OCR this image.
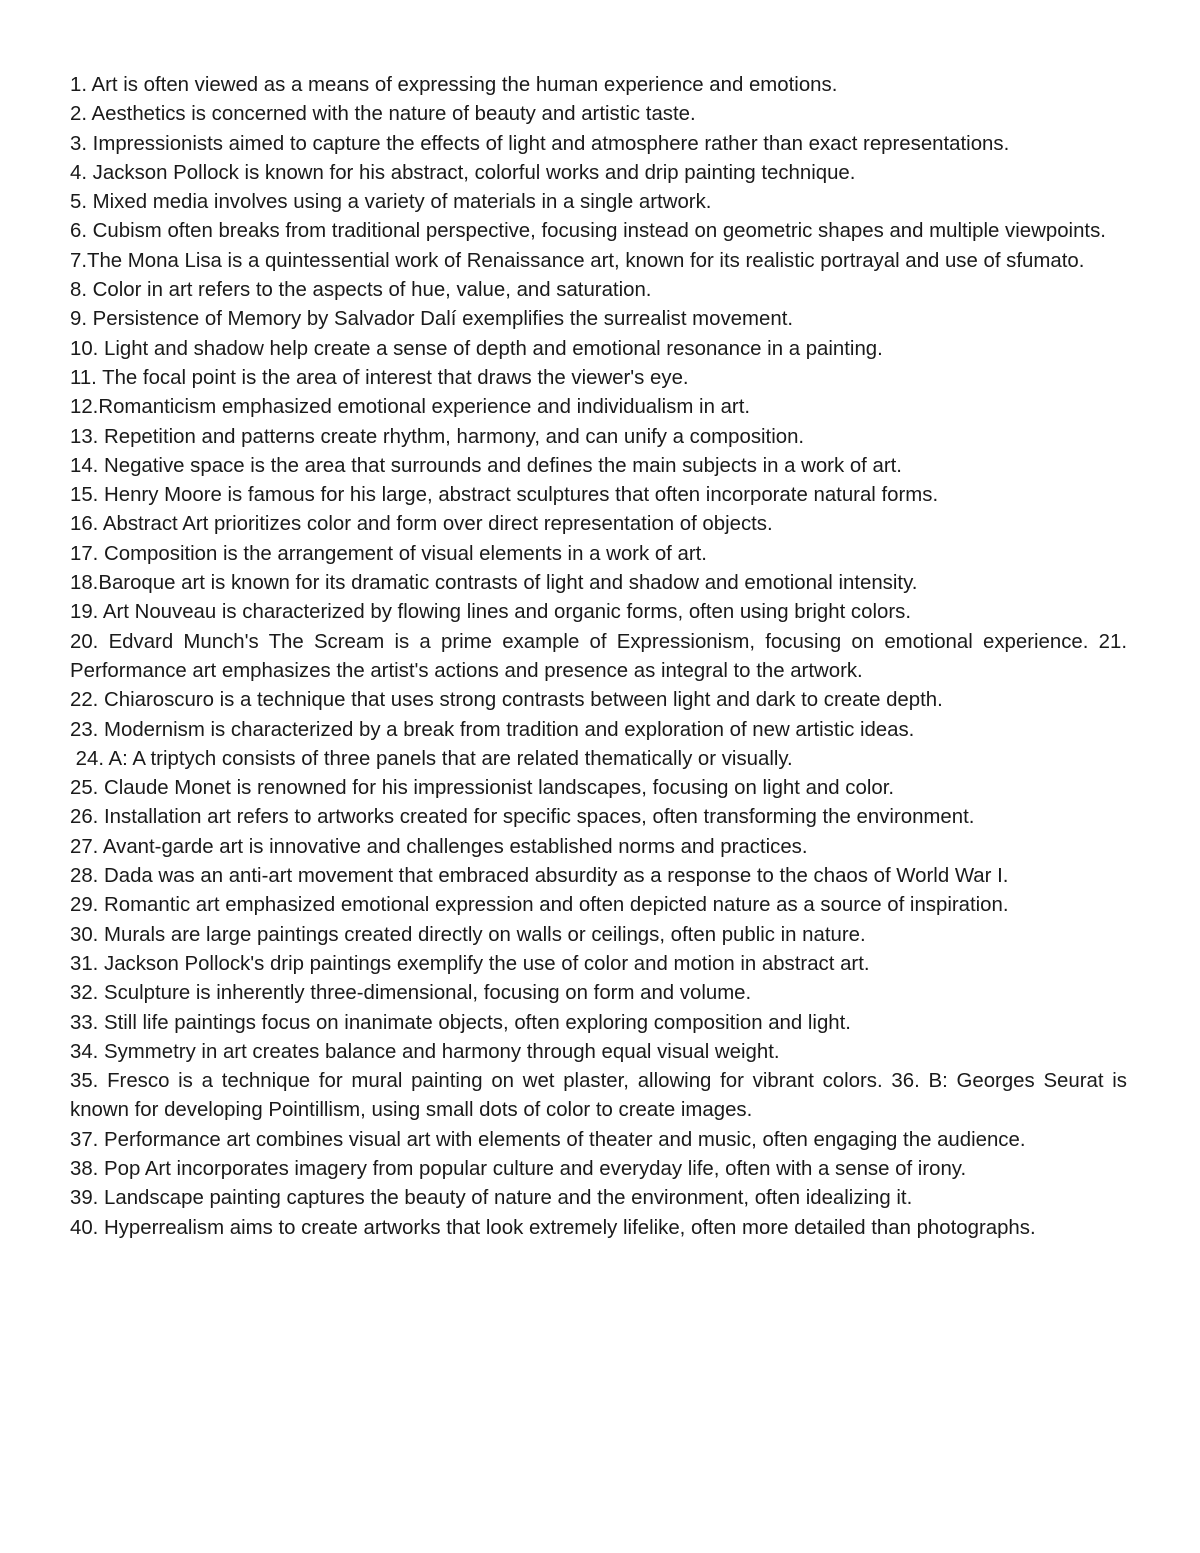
1. Art is often viewed as a means of expressing the human experience and emotions.

2. Aesthetics is concerned with the nature of beauty and artistic taste.

3. Impressionists aimed to capture the effects of light and atmosphere rather than exact representations.

4. Jackson Pollock is known for his abstract, colorful works and drip painting technique.

5. Mixed media involves using a variety of materials in a single artwork.

6. Cubism often breaks from traditional perspective, focusing instead on geometric shapes and multiple viewpoints.

7.The Mona Lisa is a quintessential work of Renaissance art, known for its realistic portrayal and use of sfumato.

8. Color in art refers to the aspects of hue, value, and saturation.

9. Persistence of Memory by Salvador Dalí exemplifies the surrealist movement.

10. Light and shadow help create a sense of depth and emotional resonance in a painting.

11. The focal point is the area of interest that draws the viewer's eye.

12.Romanticism emphasized emotional experience and individualism in art.

13. Repetition and patterns create rhythm, harmony, and can unify a composition.

14. Negative space is the area that surrounds and defines the main subjects in a work of art.

15. Henry Moore is famous for his large, abstract sculptures that often incorporate natural forms.

16. Abstract Art prioritizes color and form over direct representation of objects.

17. Composition is the arrangement of visual elements in a work of art.

18.Baroque art is known for its dramatic contrasts of light and shadow and emotional intensity.

19. Art Nouveau is characterized by flowing lines and organic forms, often using bright colors.

20. Edvard Munch's The Scream is a prime example of Expressionism, focusing on emotional experience. 21. Performance art emphasizes the artist's actions and presence as integral to the artwork.

22. Chiaroscuro is a technique that uses strong contrasts between light and dark to create depth.

23. Modernism is characterized by a break from tradition and exploration of new artistic ideas.

24. A: A triptych consists of three panels that are related thematically or visually.

25. Claude Monet is renowned for his impressionist landscapes, focusing on light and color.

26. Installation art refers to artworks created for specific spaces, often transforming the environment.

27. Avant-garde art is innovative and challenges established norms and practices.

28. Dada was an anti-art movement that embraced absurdity as a response to the chaos of World War I.

29. Romantic art emphasized emotional expression and often depicted nature as a source of inspiration.

30. Murals are large paintings created directly on walls or ceilings, often public in nature.

31. Jackson Pollock's drip paintings exemplify the use of color and motion in abstract art.

32. Sculpture is inherently three-dimensional, focusing on form and volume.

33. Still life paintings focus on inanimate objects, often exploring composition and light.

34. Symmetry in art creates balance and harmony through equal visual weight.

35. Fresco is a technique for mural painting on wet plaster, allowing for vibrant colors. 36. B: Georges Seurat is known for developing Pointillism, using small dots of color to create images.

37. Performance art combines visual art with elements of theater and music, often engaging the audience.

38. Pop Art incorporates imagery from popular culture and everyday life, often with a sense of irony.

39. Landscape painting captures the beauty of nature and the environment, often idealizing it.

40. Hyperrealism aims to create artworks that look extremely lifelike, often more detailed than photographs.
